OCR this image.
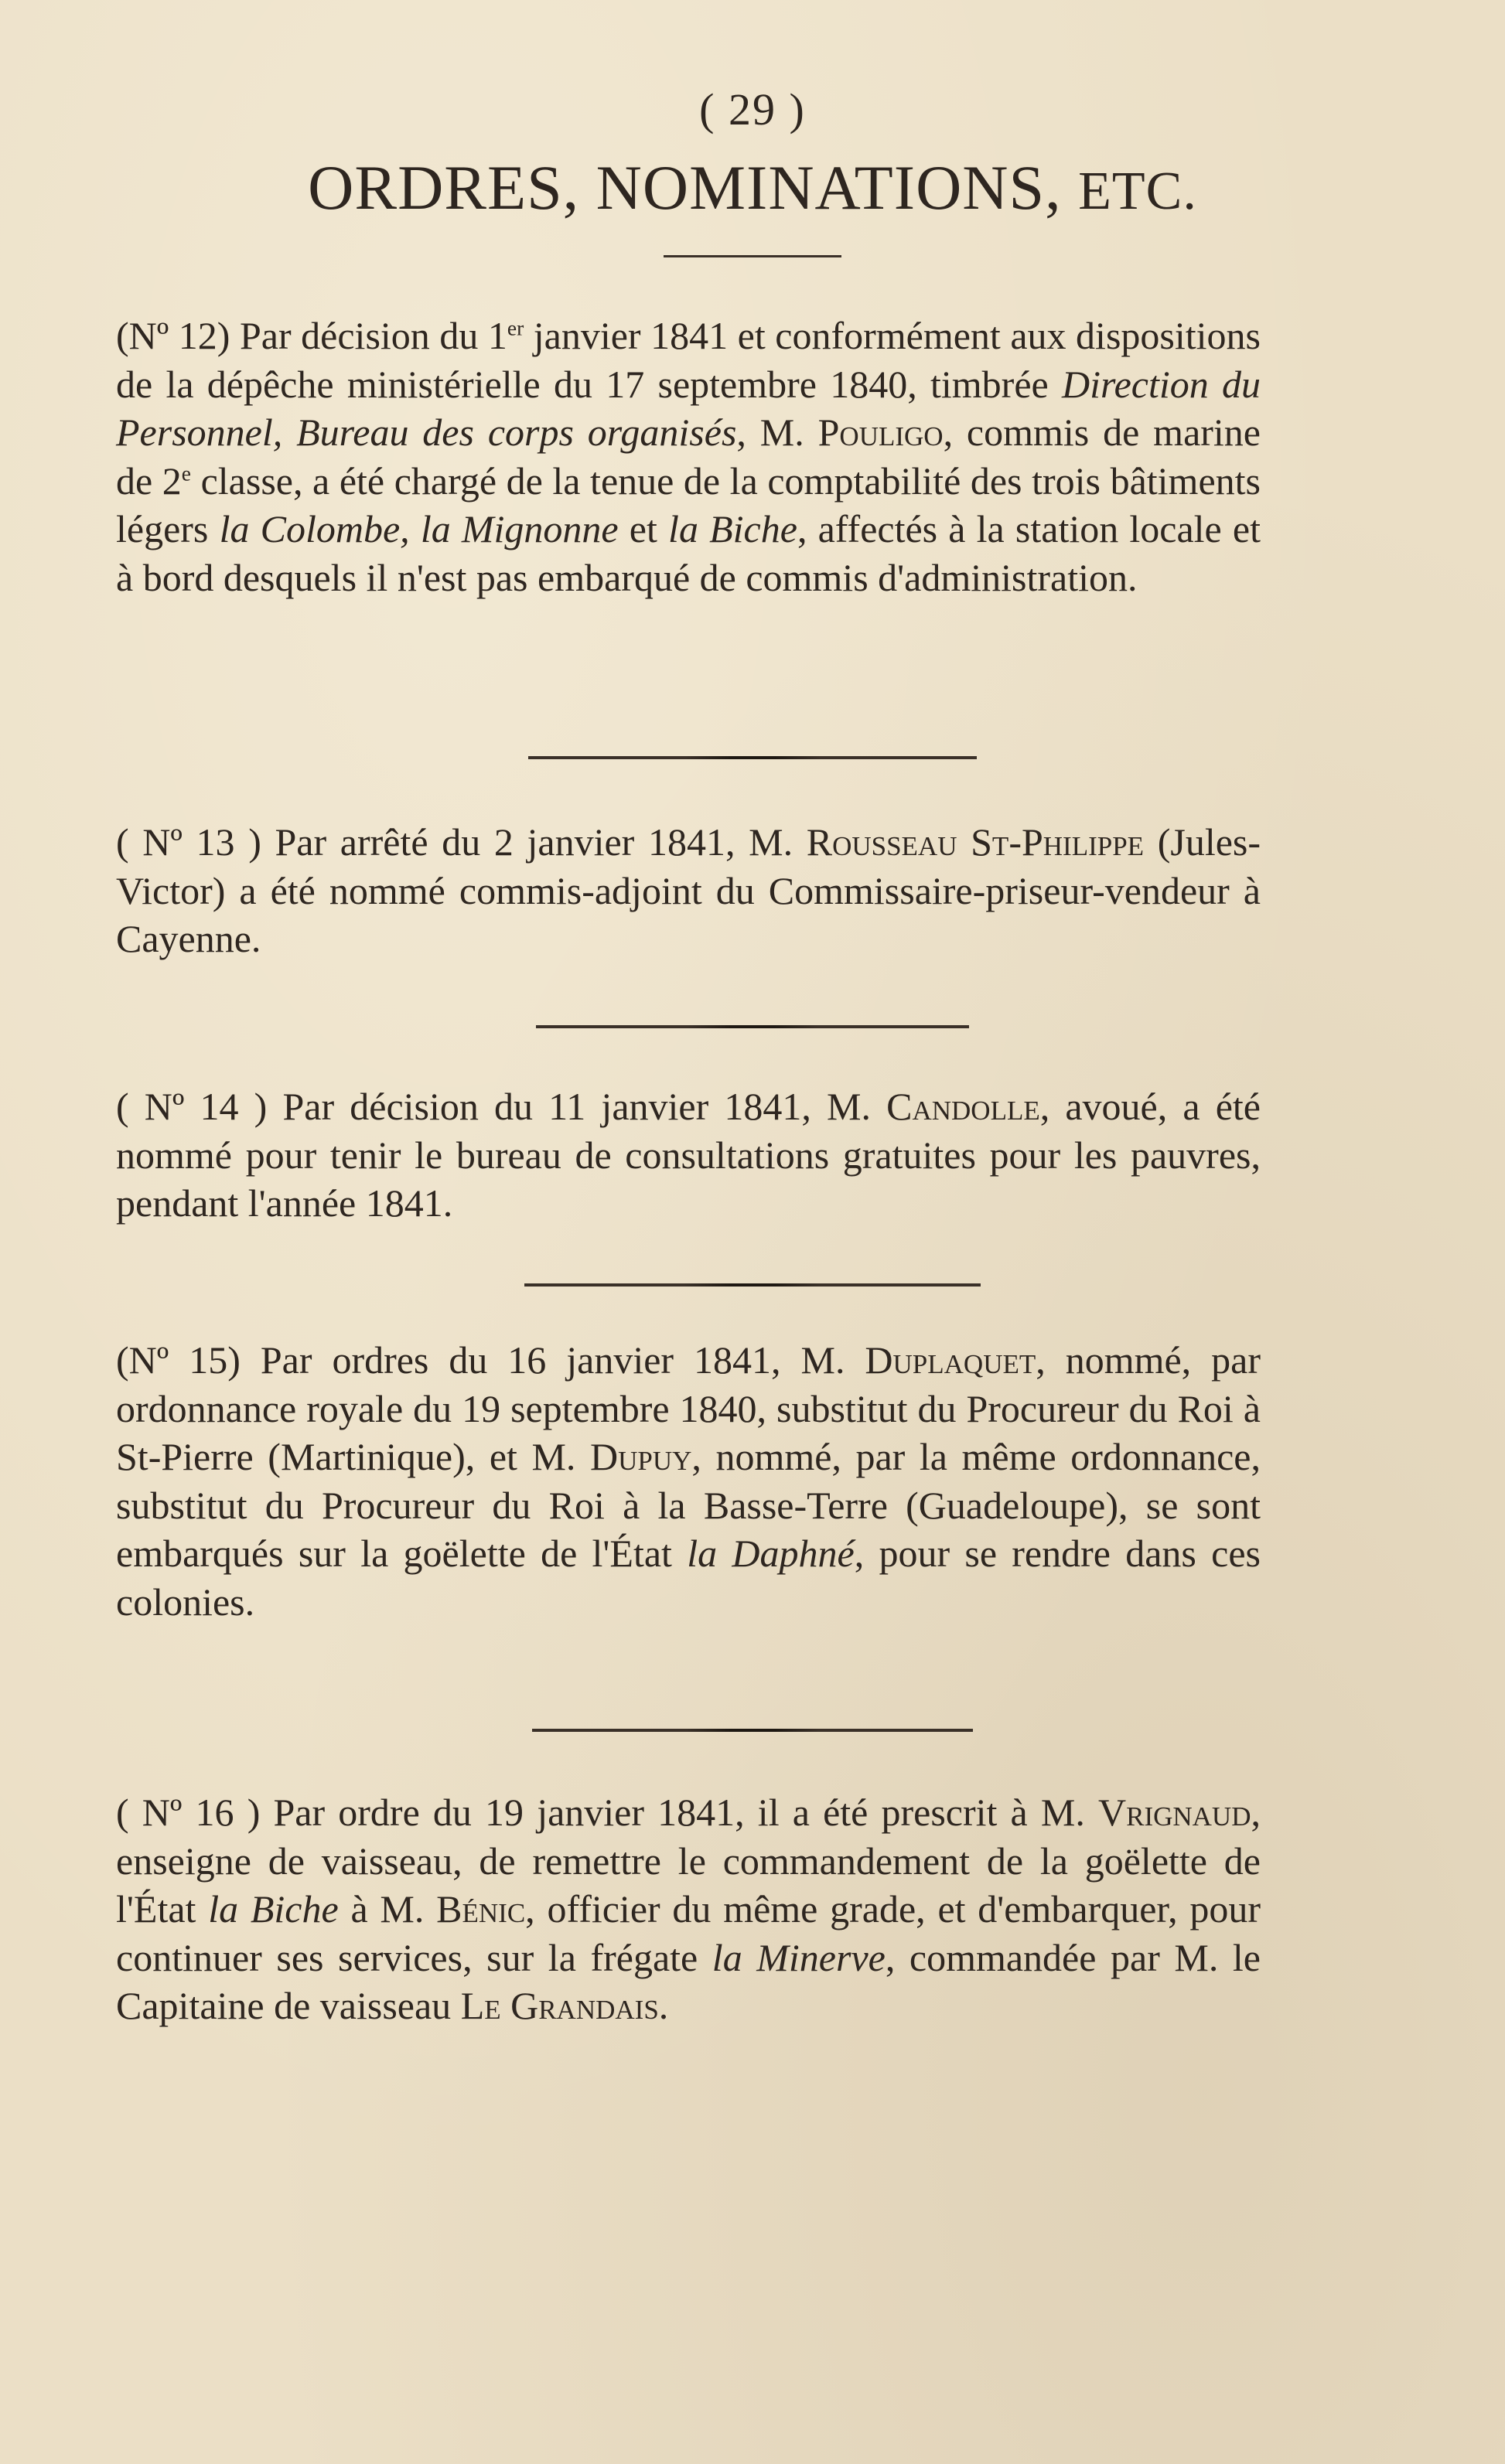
( 29 )
ORDRES, NOMINATIONS, ETC.

(Nº 12) Par décision du 1er janvier 1841 et conformément aux dispositions de la dépêche ministérielle du 17 septembre 1840, timbrée Direction du Personnel, Bureau des corps organisés, M. Pouligo, commis de marine de 2e classe, a été chargé de la tenue de la comptabilité des trois bâtiments légers la Colombe, la Mignonne et la Biche, affectés à la station locale et à bord desquels il n'est pas embarqué de commis d'administration.

( Nº 13 ) Par arrêté du 2 janvier 1841, M. Rousseau St-Philippe (Jules-Victor) a été nommé commis-adjoint du Commissaire-priseur-vendeur à Cayenne.

( Nº 14 ) Par décision du 11 janvier 1841, M. Candolle, avoué, a été nommé pour tenir le bureau de consultations gratuites pour les pauvres, pendant l'année 1841.

(Nº 15) Par ordres du 16 janvier 1841, M. Duplaquet, nommé, par ordonnance royale du 19 septembre 1840, substitut du Procureur du Roi à St-Pierre (Martinique), et M. Dupuy, nommé, par la même ordonnance, substitut du Procureur du Roi à la Basse-Terre (Guadeloupe), se sont embarqués sur la goëlette de l'État la Daphné, pour se rendre dans ces colonies.

( Nº 16 ) Par ordre du 19 janvier 1841, il a été prescrit à M. Vrignaud, enseigne de vaisseau, de remettre le commandement de la goëlette de l'État la Biche à M. Bénic, officier du même grade, et d'embarquer, pour continuer ses services, sur la frégate la Minerve, commandée par M. le Capitaine de vaisseau Le Grandais.
